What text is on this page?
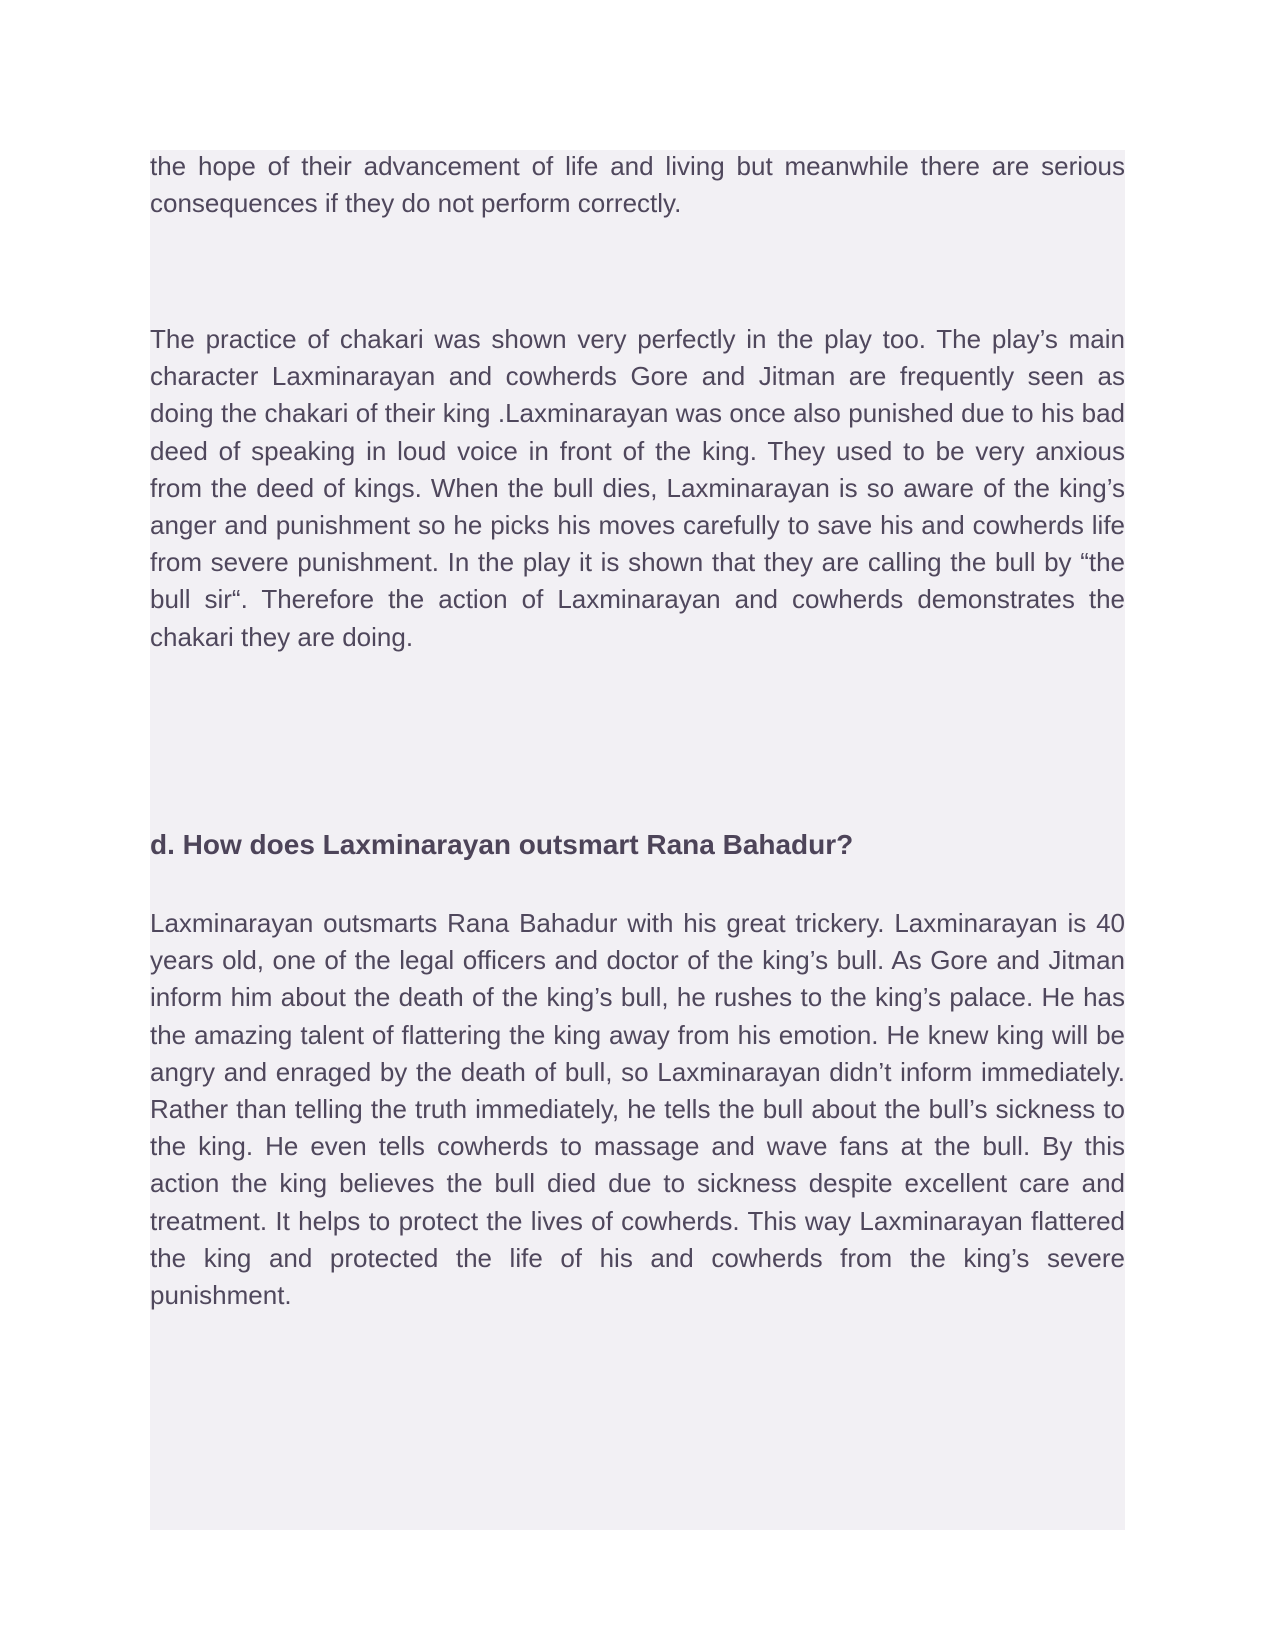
the hope of their advancement of life and living but meanwhile there are serious consequences if they do not perform correctly.

The practice of chakari was shown very perfectly in the play too. The play’s main character Laxminarayan and cowherds Gore and Jitman are frequently seen as doing the chakari of their king .Laxminarayan was once also punished due to his bad deed of speaking in loud voice in front of the king. They used to be very anxious from the deed of kings. When the bull dies, Laxminarayan is so aware of the king’s anger and punishment so he picks his moves carefully to save his and cowherds life from severe punishment. In the play it is shown that they are calling the bull by “the bull sir“. Therefore the action of Laxminarayan and cowherds demonstrates the chakari they are doing.

d. How does Laxminarayan outsmart Rana Bahadur?

Laxminarayan outsmarts Rana Bahadur with his great trickery. Laxminarayan is 40 years old, one of the legal officers and doctor of the king’s bull. As Gore and Jitman inform him about the death of the king’s bull, he rushes to the king’s palace. He has the amazing talent of flattering the king away from his emotion. He knew king will be angry and enraged by the death of bull, so Laxminarayan didn’t inform immediately. Rather than telling the truth immediately, he tells the bull about the bull’s sickness to the king. He even tells cowherds to massage and wave fans at the bull. By this action the king believes the bull died due to sickness despite excellent care and treatment. It helps to protect the lives of cowherds. This way Laxminarayan flattered the king and protected the life of his and cowherds from the king’s severe punishment.
